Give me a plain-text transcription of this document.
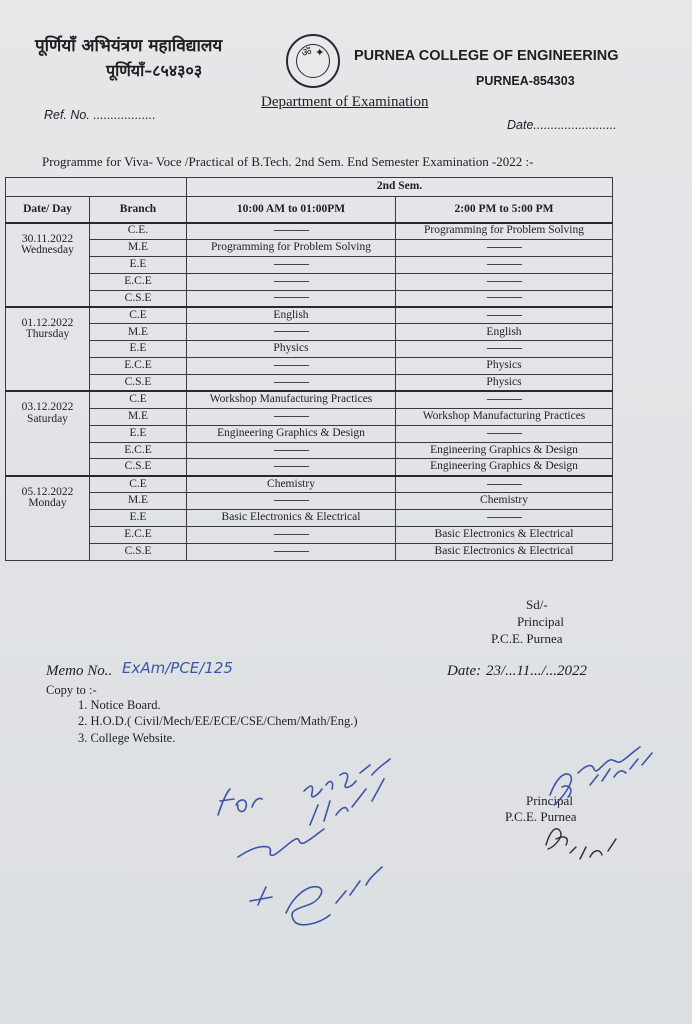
पूर्णियाँ अभियंत्रण महाविद्यालय
पूर्णियाँ–८५४३०३
ॐ ✦	PURNEA COLLEGE OF ENGINEERING
PURNEA-854303
Department of Examination
Ref. No. ..................
Date........................
Programme for Viva- Voce /Practical of B.Tech. 2nd Sem. End Semester Examination -2022 :-
		2nd Sem.	
Date/ Day	Branch	10:00 AM to 01:00PM	2:00 PM to 5:00 PM

30.11.2022
Wednesday	C.E.	---------------	Programming for Problem Solving
	M.E	Programming for Problem Solving	---------------
	E.E	---------------	---------------
	E.C.E	---------------	---------------
	C.S.E	---------------	---------------

01.12.2022
Thursday	C.E	English	---------------
	M.E	---------------	English
	E.E	Physics	---------------
	E.C.E	---------------	Physics
	C.S.E	---------------	Physics

03.12.2022
Saturday	C.E	Workshop Manufacturing Practices	---------------
	M.E	---------------	Workshop Manufacturing Practices
	E.E	Engineering Graphics & Design	---------------
	E.C.E	---------------	Engineering Graphics & Design
	C.S.E	---------------	Engineering Graphics & Design

05.12.2022
Monday	C.E	Chemistry	---------------
	M.E	---------------	Chemistry
	E.E	Basic Electronics & Electrical	---------------
	E.C.E	---------------	Basic Electronics & Electrical
	C.S.E	---------------	Basic Electronics & Electrical
Sd/-
Principal
P.C.E. Purnea
Memo No.. ExAm/PCE/125	Date: 23/...11.../...2022
Copy to :-
1. Notice Board.
2. H.O.D.( Civil/Mech/EE/ECE/CSE/Chem/Math/Eng.)
3. College Website.
Principal
P.C.E. Purnea
